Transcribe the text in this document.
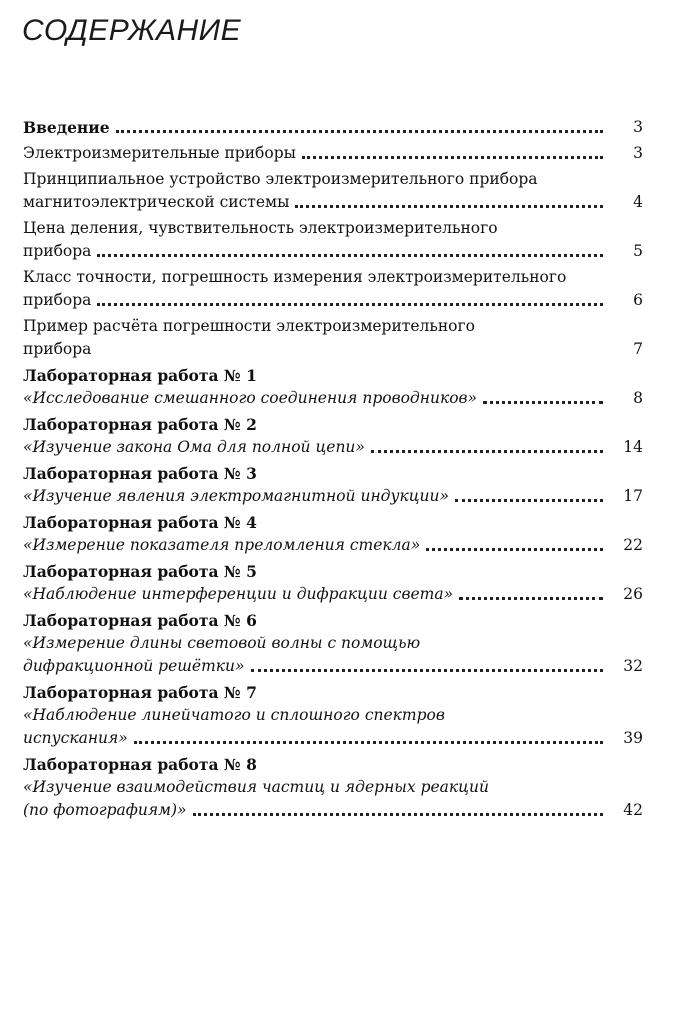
СОДЕРЖАНИЕ
Введение	3
Электроизмерительные приборы	3
Принципиальное устройство электроизмерительного прибора
магнитоэлектрической системы	4
Цена деления, чувствительность электроизмерительного
прибора	5
Класс точности, погрешность измерения электроизмерительного
прибора	6
Пример расчёта погрешности электроизмерительного
прибора	7
Лабораторная работа № 1
«Исследование смешанного соединения проводников»	8
Лабораторная работа № 2
«Изучение закона Ома для полной цепи»	14
Лабораторная работа № 3
«Изучение явления электромагнитной индукции»	17
Лабораторная работа № 4
«Измерение показателя преломления стекла»	22
Лабораторная работа № 5
«Наблюдение интерференции и дифракции света»	26
Лабораторная работа № 6
«Измерение длины световой волны с помощью
дифракционной решётки»	32
Лабораторная работа № 7
«Наблюдение линейчатого и сплошного спектров
испускания»	39
Лабораторная работа № 8
«Изучение взаимодействия частиц и ядерных реакций
(по фотографиям)»	42
